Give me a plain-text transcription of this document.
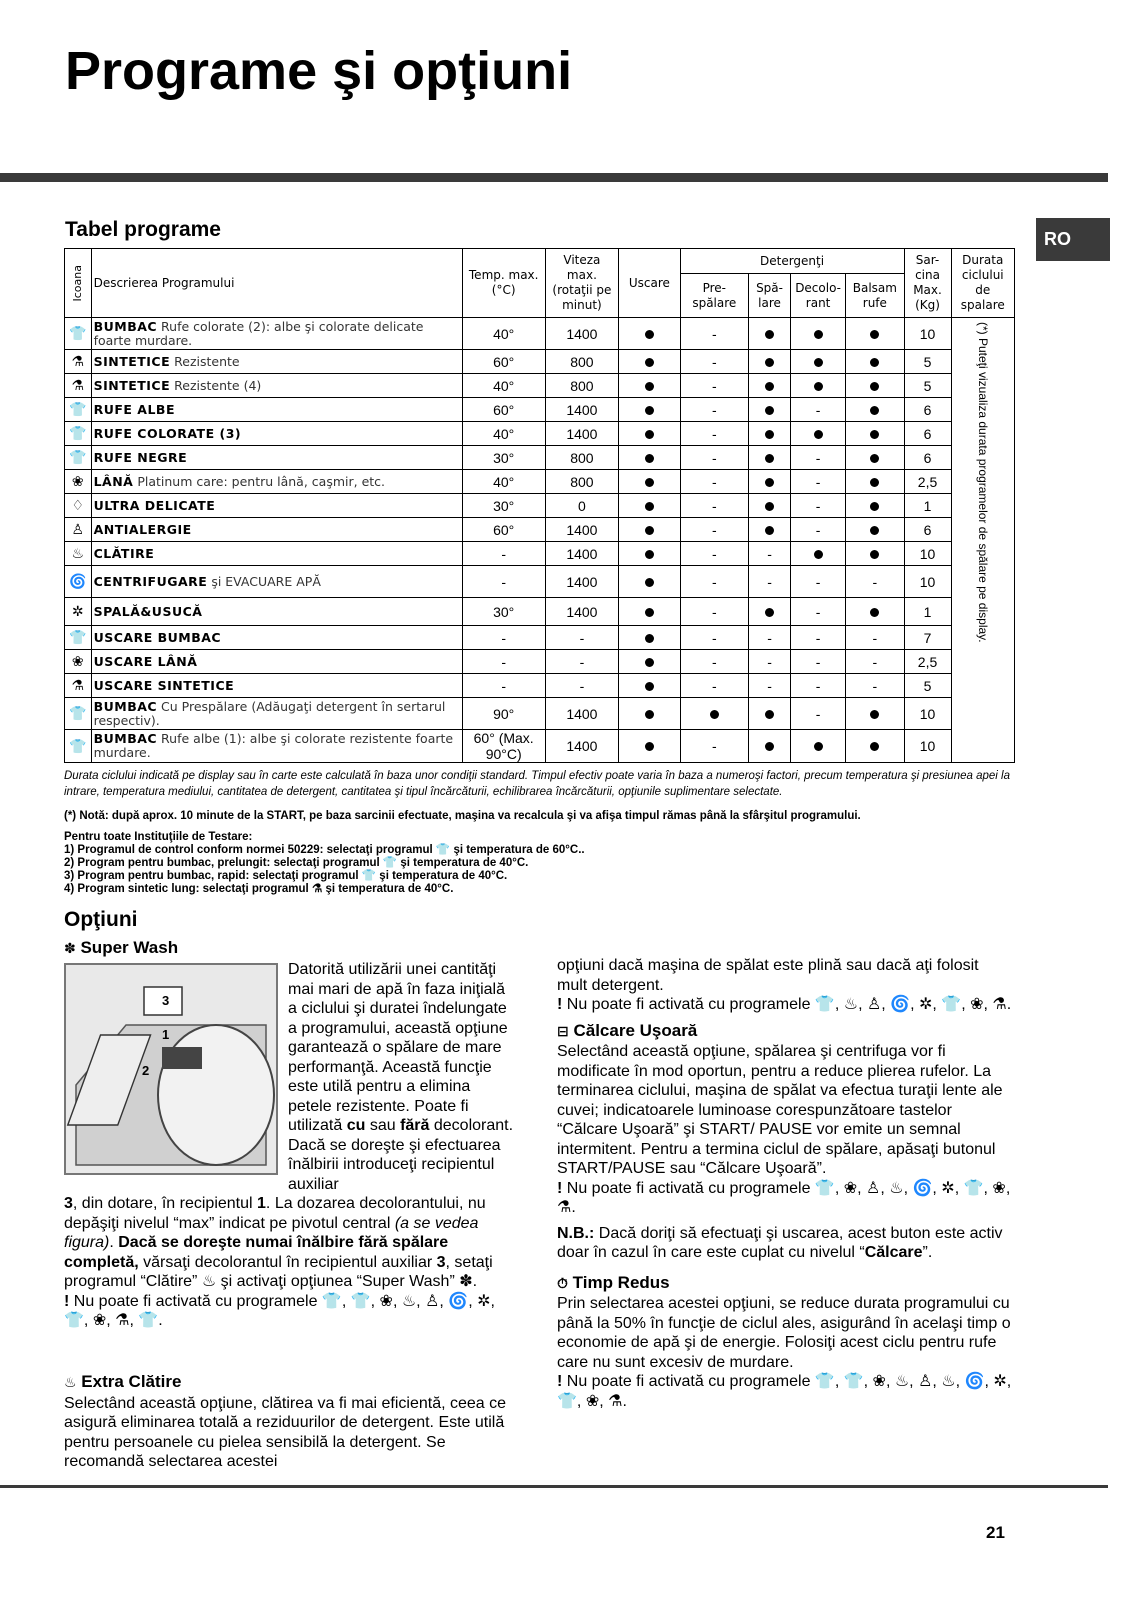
Programe şi opţiuni
RO
Tabel programe
Icoana	Descrierea Programului	Temp. max. (°C)	Viteza max. (rotaţii pe minut)	Uscare	Detergenţi				Sar-cina Max. (Kg)	Durata ciclului de spalare
					Pre-spălare	Spă-lare	Decolo-rant	Balsam rufe		
👕	BUMBAC Rufe colorate (2): albe şi colorate delicate foarte murdare.	40°	1400		-				10	(*) Puteţi vizualiza durata programelor de spălare pe display.

⚗	SINTETICE Rezistente	60°	800		-				5	
⚗	SINTETICE Rezistente (4)	40°	800		-				5	
👕	RUFE ALBE	60°	1400		-		-		6	
👕	RUFE COLORATE (3)	40°	1400		-				6	
👕	RUFE NEGRE	30°	800		-		-		6	
❀	LÂNĂ Platinum care: pentru lână, caşmir, etc.	40°	800		-		-		2,5	
♢	ULTRA DELICATE	30°	0		-		-		1	
♙	ANTIALERGIE	60°	1400		-		-		6	
♨	CLĂTIRE	-	1400		-	-			10	
🌀	CENTRIFUGARE şi EVACUARE APĂ	-	1400		-	-	-	-	10	
✲	SPALĂ&USUCĂ	30°	1400		-		-		1	
👕	USCARE BUMBAC	-	-		-	-	-	-	7	
❀	USCARE LÂNĂ	-	-		-	-	-	-	2,5	
⚗	USCARE SINTETICE	-	-		-	-	-	-	5	
👕	BUMBAC Cu Prespălare (Adăugaţi detergent în sertarul respectiv).	90°	1400				-		10	
👕	BUMBAC Rufe albe (1): albe şi colorate rezistente foarte murdare.	60° (Max. 90°C)	1400		-				10	
Durata ciclului indicată pe display sau în carte este calculată în baza unor condiţii standard. Timpul efectiv poate varia în baza a numeroşi factori, precum temperatura şi presiunea apei la intrare, temperatura mediului, cantitatea de detergent, cantitatea şi tipul încărcăturii, echilibrarea încărcăturii, opţiunile suplimentare selectate.
(*) Notă: după aprox. 10 minute de la START, pe baza sarcinii efectuate, maşina va recalcula şi va afişa timpul rămas până la sfârşitul programului.
Pentru toate Instituţiile de Testare:
1) Programul de control conform normei 50229: selectaţi programul 👕 şi temperatura de 60°C..
2) Program pentru bumbac, prelungit: selectaţi programul 👕 şi temperatura de 40°C.
3) Program pentru bumbac, rapid: selectaţi programul 👕 şi temperatura de 40°C.
4) Program sintetic lung: selectaţi programul ⚗ şi temperatura de 40°C.
Opţiuni
✽ Super Wash
3
1
2

Datorită utilizării unei cantităţi mai mari de apă în faza iniţială a ciclului şi duratei îndelungate a programului, această opţiune garantează o spălare de mare performanţă. Această funcţie este utilă pentru a elimina petele rezistente. Poate fi utilizată cu sau fără decolorant. Dacă se doreşte şi efectuarea înălbirii introduceţi recipientul auxiliar

3, din dotare, în recipientul 1. La dozarea decolorantului, nu depăşiţi nivelul “max” indicat pe pivotul central (a se vedea figura). Dacă se doreşte numai înălbire fără spălare completă, vărsaţi decolorantul în recipientul auxiliar 3, setaţi programul “Clătire” ♨ şi activaţi opţiunea “Super Wash” ✽.

! Nu poate fi activată cu programele 👕, 👕, ❀, ♨, ♙, 🌀, ✲, 👕, ❀, ⚗, 👕.

♨ Extra Clătire

Selectând această opţiune, clătirea va fi mai eficientă, ceea ce asigură eliminarea totală a reziduurilor de detergent. Este utilă pentru persoanele cu pielea sensibilă la detergent. Se recomandă selectarea acestei

opţiuni dacă maşina de spălat este plină sau dacă aţi folosit mult detergent.

! Nu poate fi activată cu programele 👕, ♨, ♙, 🌀, ✲, 👕, ❀, ⚗.

⊟ Călcare Uşoară

Selectând această opţiune, spălarea şi centrifuga vor fi modificate în mod oportun, pentru a reduce plierea rufelor. La terminarea ciclului, maşina de spălat va efectua turaţii lente ale cuvei; indicatoarele luminoase corespunzătoare tastelor “Călcare Uşoară” şi START/ PAUSE vor emite un semnal intermitent. Pentru a termina ciclul de spălare, apăsaţi butonul START/PAUSE sau “Călcare Uşoară”.

! Nu poate fi activată cu programele 👕, ❀, ♙, ♨, 🌀, ✲, 👕, ❀, ⚗.

N.B.: Dacă doriţi să efectuaţi şi uscarea, acest buton este activ doar în cazul în care este cuplat cu nivelul “Călcare”.

⏱ Timp Redus

Prin selectarea acestei opţiuni, se reduce durata programului cu până la 50% în funcţie de ciclul ales, asigurând în acelaşi timp o economie de apă şi de energie. Folosiţi acest ciclu pentru rufe care nu sunt excesiv de murdare.

! Nu poate fi activată cu programele 👕, 👕, ❀, ♨, ♙, ♨, 🌀, ✲, 👕, ❀, ⚗.

21
